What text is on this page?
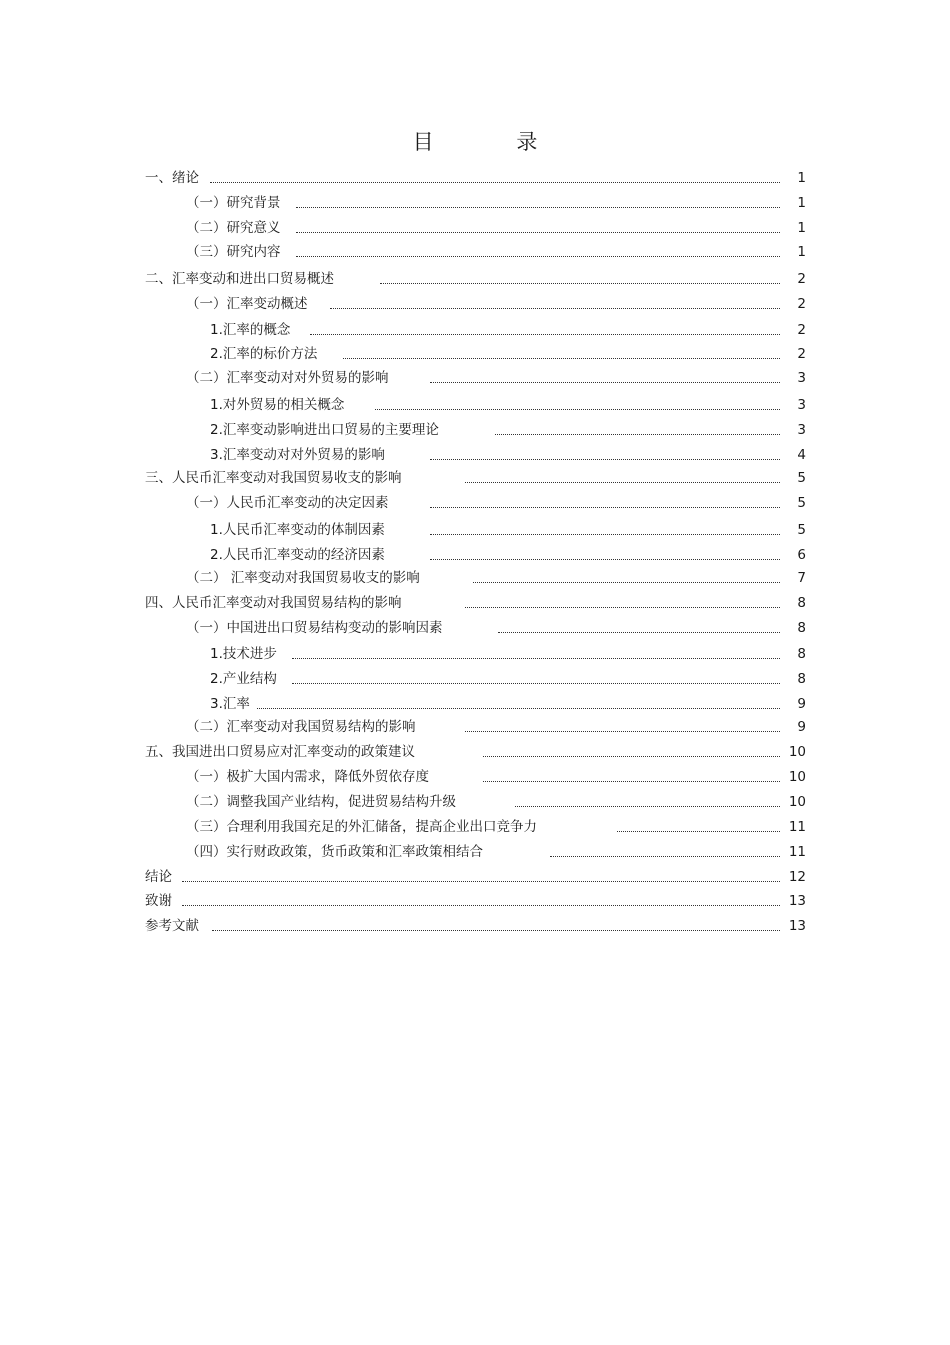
目 录
一、绪论	1
（一）研究背景	1
（二）研究意义	1
（三）研究内容	1
二、汇率变动和进出口贸易概述	2
（一）汇率变动概述	2
1.汇率的概念	2
2.汇率的标价方法	2
（二）汇率变动对对外贸易的影响	3
1.对外贸易的相关概念	3
2.汇率变动影响进出口贸易的主要理论	3
3.汇率变动对对外贸易的影响	4
三、人民币汇率变动对我国贸易收支的影响	5
（一）人民币汇率变动的决定因素	5
1.人民币汇率变动的体制因素	5
2.人民币汇率变动的经济因素	6
（二） 汇率变动对我国贸易收支的影响	7
四、人民币汇率变动对我国贸易结构的影响	8
（一）中国进出口贸易结构变动的影响因素	8
1.技术进步	8
2.产业结构	8
3.汇率	9
（二）汇率变动对我国贸易结构的影响	9
五、我国进出口贸易应对汇率变动的政策建议	10
（一）极扩大国内需求，降低外贸依存度	10
（二）调整我国产业结构，促进贸易结构升级	10
（三）合理利用我国充足的外汇储备，提高企业出口竞争力	11
（四）实行财政政策，货币政策和汇率政策相结合	11
结论	12
致谢	13
参考文献	13
